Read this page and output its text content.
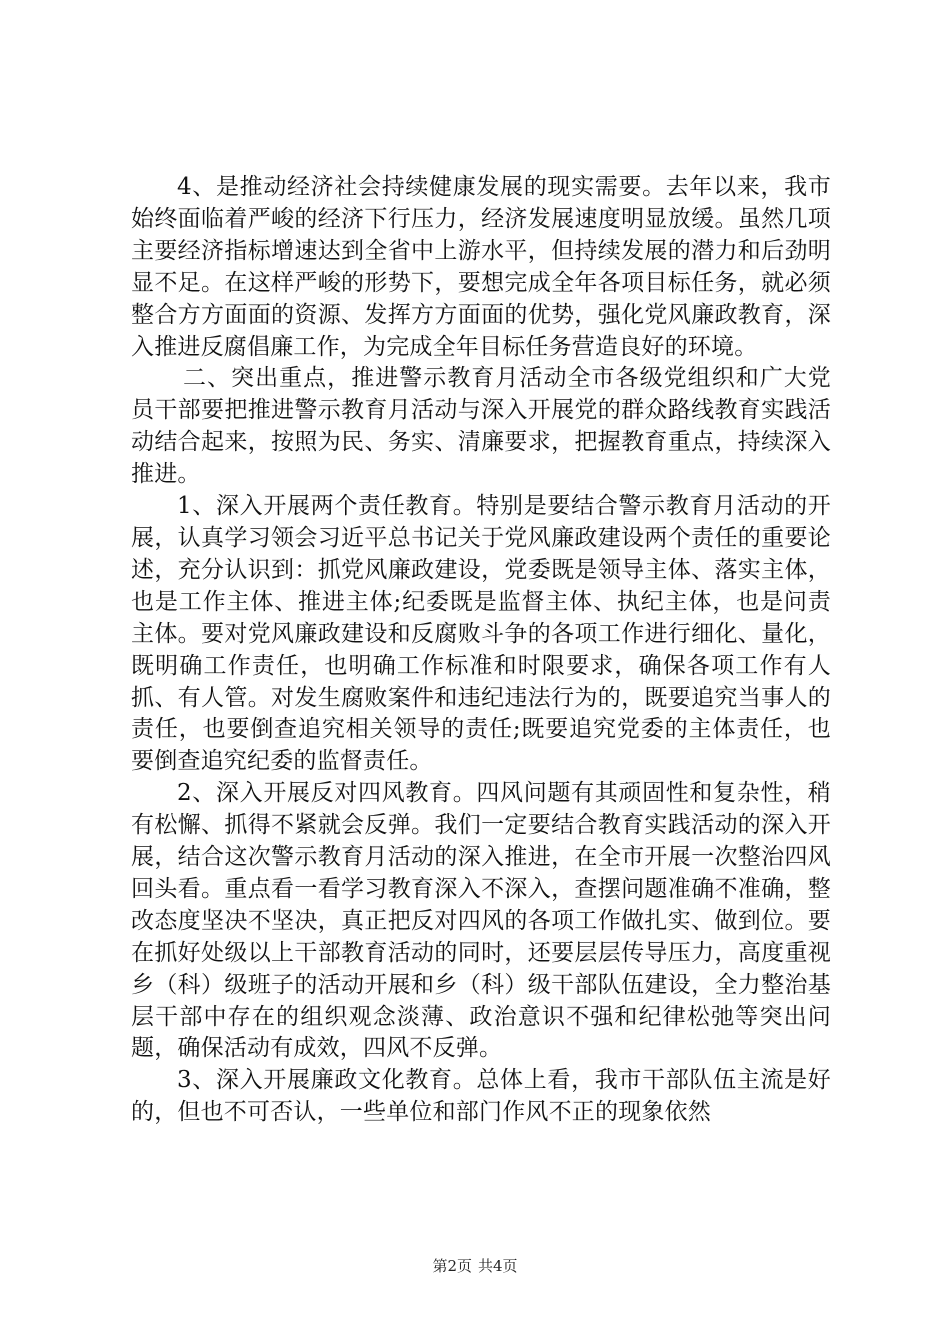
4、是推动经济社会持续健康发展的现实需要。去年以来，我市始终面临着严峻的经济下行压力，经济发展速度明显放缓。虽然几项主要经济指标增速达到全省中上游水平，但持续发展的潜力和后劲明显不足。在这样严峻的形势下，要想完成全年各项目标任务，就必须整合方方面面的资源、发挥方方面面的优势，强化党风廉政教育，深入推进反腐倡廉工作，为完成全年目标任务营造良好的环境。

二、突出重点，推进警示教育月活动全市各级党组织和广大党员干部要把推进警示教育月活动与深入开展党的群众路线教育实践活动结合起来，按照为民、务实、清廉要求，把握教育重点，持续深入推进。

1、深入开展两个责任教育。特别是要结合警示教育月活动的开展，认真学习领会习近平总书记关于党风廉政建设两个责任的重要论述，充分认识到：抓党风廉政建设，党委既是领导主体、落实主体，也是工作主体、推进主体;纪委既是监督主体、执纪主体，也是问责主体。要对党风廉政建设和反腐败斗争的各项工作进行细化、量化，既明确工作责任，也明确工作标准和时限要求，确保各项工作有人抓、有人管。对发生腐败案件和违纪违法行为的，既要追究当事人的责任，也要倒查追究相关领导的责任;既要追究党委的主体责任，也要倒查追究纪委的监督责任。

2、深入开展反对四风教育。四风问题有其顽固性和复杂性，稍有松懈、抓得不紧就会反弹。我们一定要结合教育实践活动的深入开展，结合这次警示教育月活动的深入推进，在全市开展一次整治四风回头看。重点看一看学习教育深入不深入，查摆问题准确不准确，整改态度坚决不坚决，真正把反对四风的各项工作做扎实、做到位。要在抓好处级以上干部教育活动的同时，还要层层传导压力，高度重视乡（科）级班子的活动开展和乡（科）级干部队伍建设，全力整治基层干部中存在的组织观念淡薄、政治意识不强和纪律松弛等突出问题，确保活动有成效，四风不反弹。

3、深入开展廉政文化教育。总体上看，我市干部队伍主流是好的，但也不可否认，一些单位和部门作风不正的现象依然

第2页 共4页
